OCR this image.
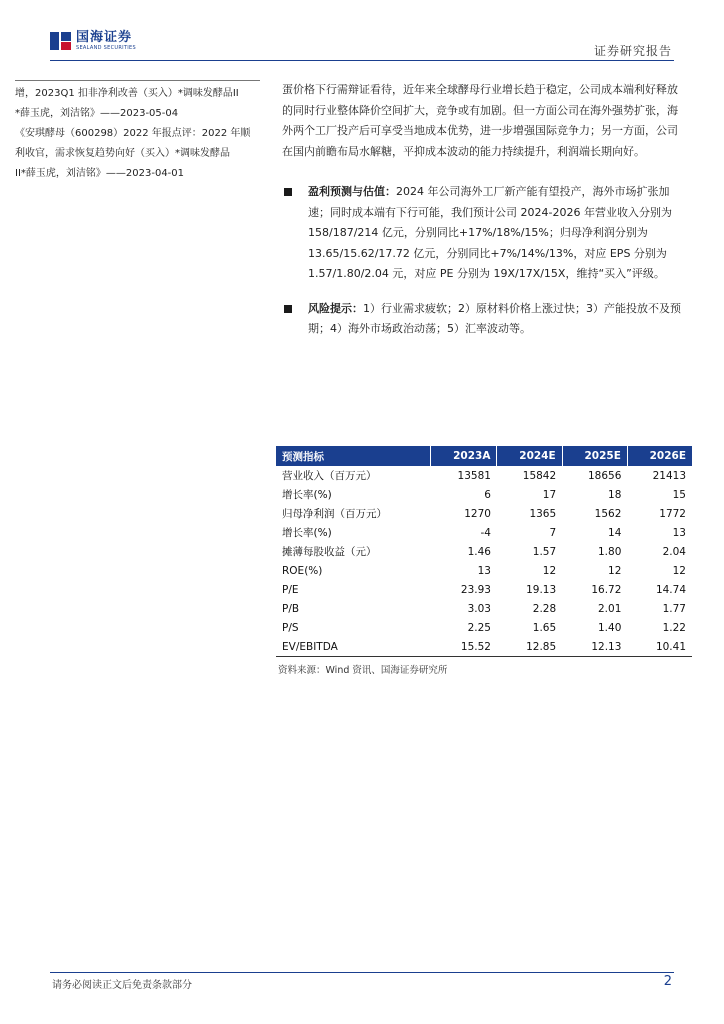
国海证券
SEALAND SECURITIES	证券研究报告

增，2023Q1 扣非净利改善（买入）*调味发酵品II

*薛玉虎，刘洁铭》——2023-05-04

《安琪酵母（600298）2022 年报点评：2022 年顺

利收官，需求恢复趋势向好（买入）*调味发酵品

II*薛玉虎，刘洁铭》——2023-04-01

蛋价格下行需辩证看待，近年来全球酵母行业增长趋于稳定，公司成本端利好释放的同时行业整体降价空间扩大，竞争或有加剧。但一方面公司在海外强势扩张，海外两个工厂投产后可享受当地成本优势，进一步增强国际竞争力；另一方面，公司在国内前瞻布局水解糖，平抑成本波动的能力持续提升，利润端长期向好。

盈利预测与估值：2024 年公司海外工厂新产能有望投产，海外市场扩张加速；同时成本端有下行可能，我们预计公司 2024-2026 年营业收入分别为 158/187/214 亿元，分别同比+17%/18%/15%；归母净利润分别为 13.65/15.62/17.72 亿元，分别同比+7%/14%/13%，对应 EPS 分别为 1.57/1.80/2.04 元，对应 PE 分别为 19X/17X/15X，维持“买入”评级。
风险提示：1）行业需求疲软；2）原材料价格上涨过快；3）产能投放不及预期；4）海外市场政治动荡；5）汇率波动等。
预测指标	2023A	2024E	2025E	2026E
营业收入（百万元）	13581	15842	18656	21413
增长率(%)	6	17	18	15
归母净利润（百万元）	1270	1365	1562	1772
增长率(%)	-4	7	14	13
摊薄每股收益（元）	1.46	1.57	1.80	2.04
ROE(%)	13	12	12	12
P/E	23.93	19.13	16.72	14.74
P/B	3.03	2.28	2.01	1.77
P/S	2.25	1.65	1.40	1.22
EV/EBITDA	15.52	12.85	12.13	10.41
资料来源：Wind 资讯、国海证券研究所
请务必阅读正文后免责条款部分	2
